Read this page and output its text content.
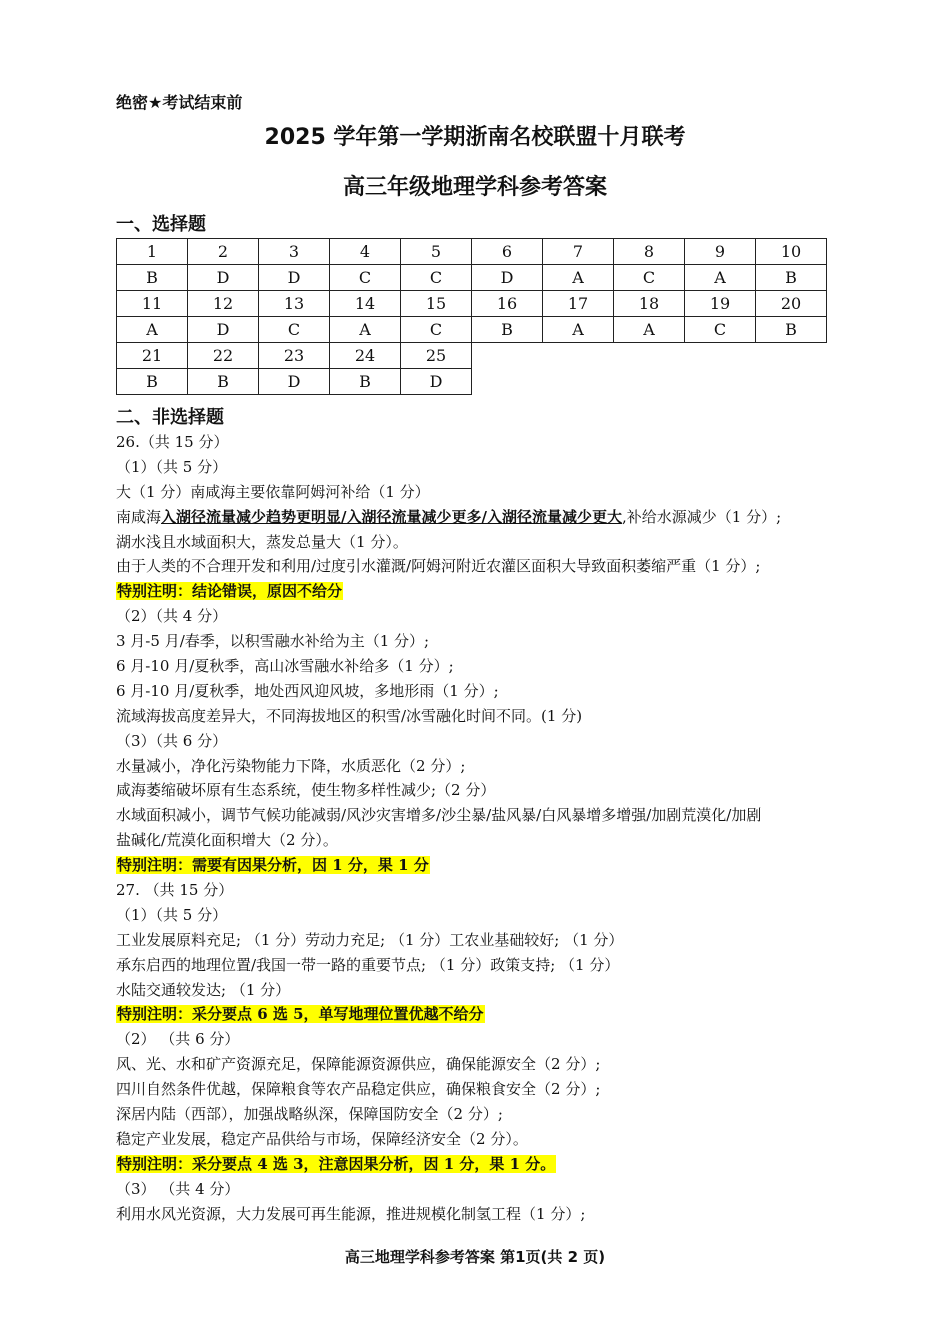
绝密★考试结束前
2025 学年第一学期浙南名校联盟十月联考
高三年级地理学科参考答案
一、选择题
1	2	3	4	5	6	7	8	9	10
B	D	D	C	C	D	A	C	A	B
11	12	13	14	15	16	17	18	19	20
A	D	C	A	C	B	A	A	C	B
21	22	23	24	25					
B	B	D	B	D					
二、非选择题
26.（共 15 分）
（1）（共 5 分）
大（1 分）南咸海主要依靠阿姆河补给（1 分）
南咸海入湖径流量减少趋势更明显/入湖径流量减少更多/入湖径流量减少更大,补给水源减少（1 分）;
湖水浅且水域面积大，蒸发总量大（1 分）。
由于人类的不合理开发和利用/过度引水灌溉/阿姆河附近农灌区面积大导致面积萎缩严重（1 分）;
特别注明：结论错误，原因不给分
（2）（共 4 分）
3 月-5 月/春季，以积雪融水补给为主（1 分）;
6 月-10 月/夏秋季，高山冰雪融水补给多（1 分）;
6 月-10 月/夏秋季，地处西风迎风坡，多地形雨（1 分）;
流域海拔高度差异大，不同海拔地区的积雪/冰雪融化时间不同。(1 分)
（3）（共 6 分）
水量减小，净化污染物能力下降，水质恶化（2 分）;
咸海萎缩破坏原有生态系统，使生物多样性减少;（2 分）
水域面积减小，调节气候功能减弱/风沙灾害增多/沙尘暴/盐风暴/白风暴增多增强/加剧荒漠化/加剧
盐碱化/荒漠化面积增大（2 分）。
特别注明：需要有因果分析，因 1 分，果 1 分
27. （共 15 分）
（1）（共 5 分）
工业发展原料充足; （1 分）劳动力充足; （1 分）工农业基础较好; （1 分）
承东启西的地理位置/我国一带一路的重要节点; （1 分）政策支持; （1 分）
水陆交通较发达; （1 分）
特别注明：采分要点 6 选 5，单写地理位置优越不给分
（2） （共 6 分）
风、光、水和矿产资源充足，保障能源资源供应，确保能源安全（2 分）;
四川自然条件优越，保障粮食等农产品稳定供应，确保粮食安全（2 分）;
深居内陆（西部），加强战略纵深，保障国防安全（2 分）;
稳定产业发展，稳定产品供给与市场，保障经济安全（2 分）。
特别注明：采分要点 4 选 3，注意因果分析，因 1 分，果 1 分。
（3） （共 4 分）
利用水风光资源，大力发展可再生能源，推进规模化制氢工程（1 分）;
高三地理学科参考答案 第1页(共 2 页)
